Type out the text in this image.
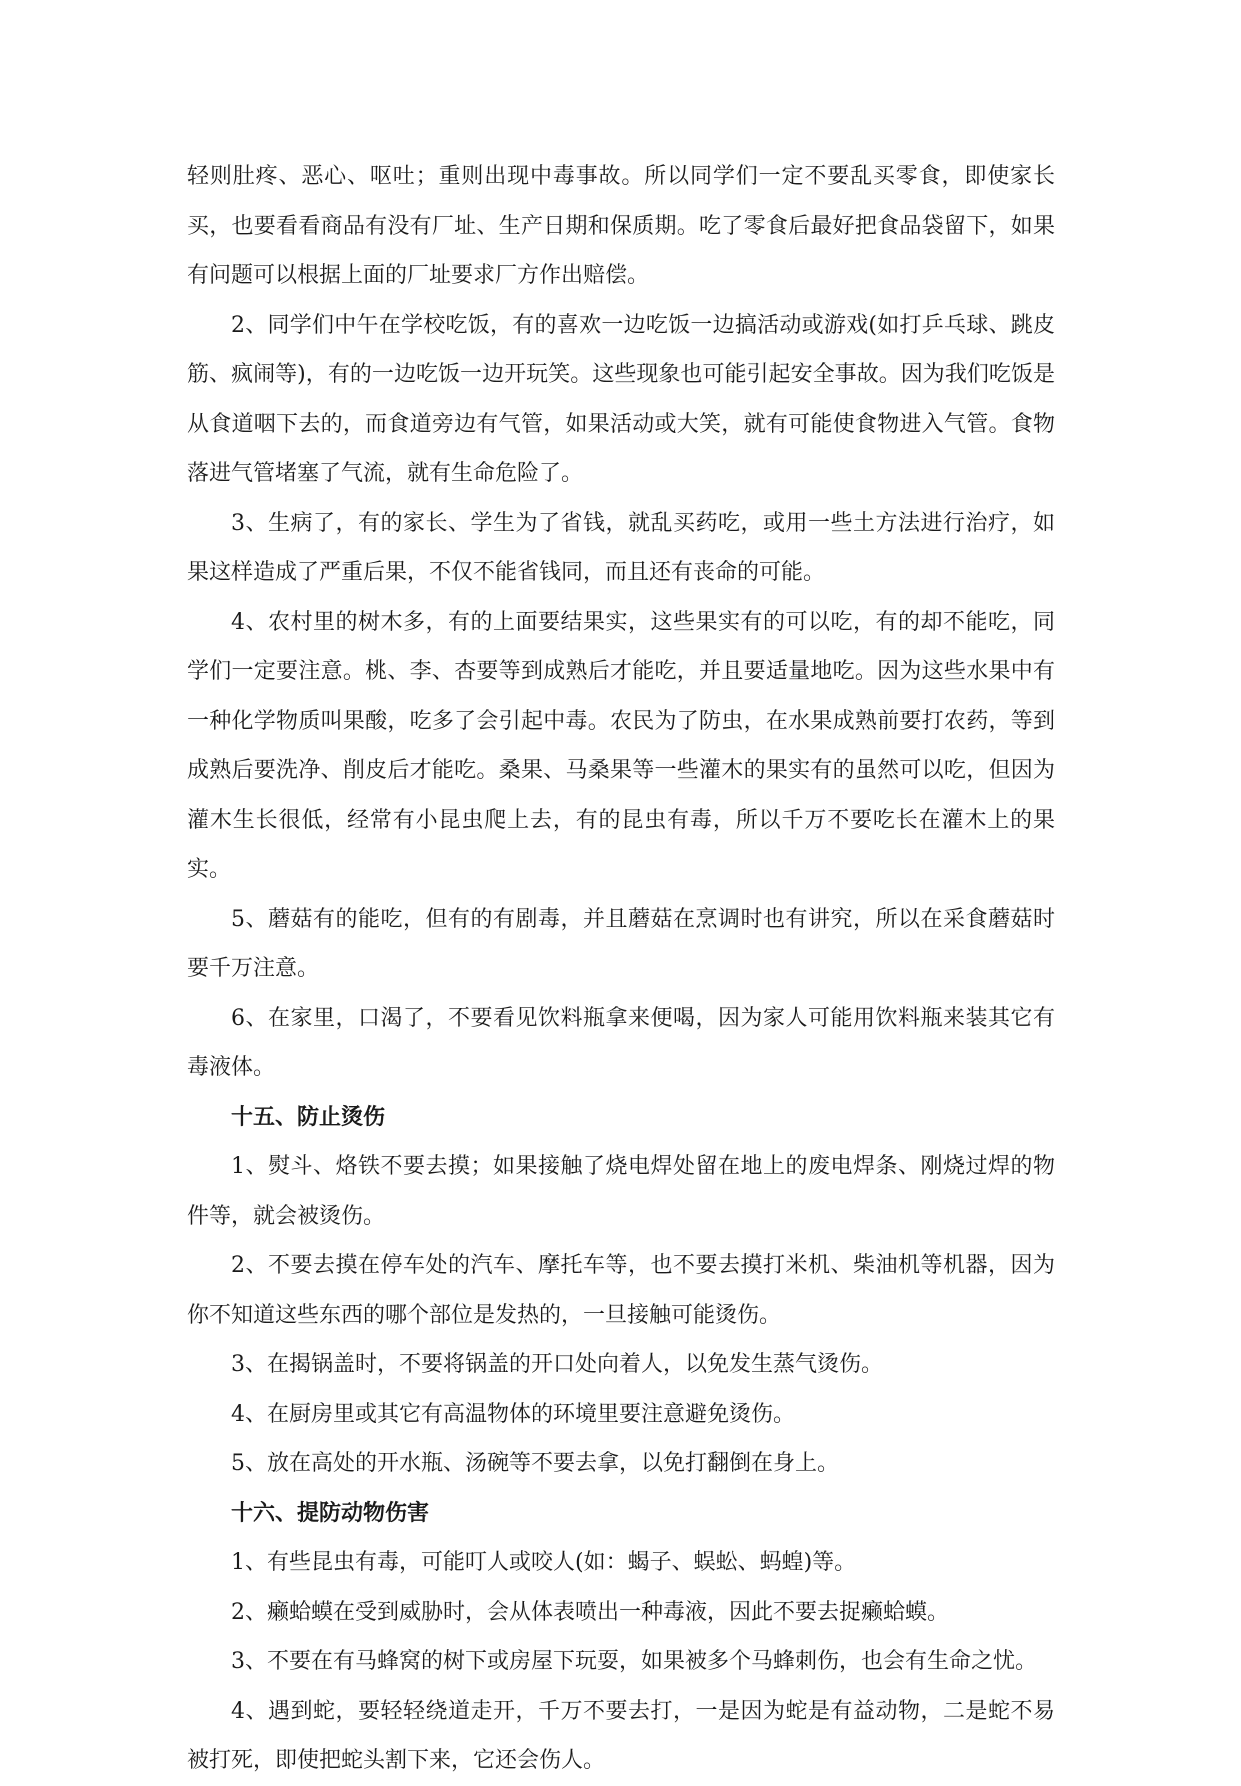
轻则肚疼、恶心、呕吐；重则出现中毒事故。所以同学们一定不要乱买零食，即使家长买，也要看看商品有没有厂址、生产日期和保质期。吃了零食后最好把食品袋留下，如果有问题可以根据上面的厂址要求厂方作出赔偿。

2、同学们中午在学校吃饭，有的喜欢一边吃饭一边搞活动或游戏(如打乒乓球、跳皮筋、疯闹等)，有的一边吃饭一边开玩笑。这些现象也可能引起安全事故。因为我们吃饭是从食道咽下去的，而食道旁边有气管，如果活动或大笑，就有可能使食物进入气管。食物落进气管堵塞了气流，就有生命危险了。

3、生病了，有的家长、学生为了省钱，就乱买药吃，或用一些土方法进行治疗，如果这样造成了严重后果，不仅不能省钱同，而且还有丧命的可能。

4、农村里的树木多，有的上面要结果实，这些果实有的可以吃，有的却不能吃，同学们一定要注意。桃、李、杏要等到成熟后才能吃，并且要适量地吃。因为这些水果中有一种化学物质叫果酸，吃多了会引起中毒。农民为了防虫，在水果成熟前要打农药，等到成熟后要洗净、削皮后才能吃。桑果、马桑果等一些灌木的果实有的虽然可以吃，但因为灌木生长很低，经常有小昆虫爬上去，有的昆虫有毒，所以千万不要吃长在灌木上的果实。

5、蘑菇有的能吃，但有的有剧毒，并且蘑菇在烹调时也有讲究，所以在采食蘑菇时要千万注意。

6、在家里，口渴了，不要看见饮料瓶拿来便喝，因为家人可能用饮料瓶来装其它有毒液体。

十五、防止烫伤

1、熨斗、烙铁不要去摸；如果接触了烧电焊处留在地上的废电焊条、刚烧过焊的物件等，就会被烫伤。

2、不要去摸在停车处的汽车、摩托车等，也不要去摸打米机、柴油机等机器，因为你不知道这些东西的哪个部位是发热的，一旦接触可能烫伤。

3、在揭锅盖时，不要将锅盖的开口处向着人，以免发生蒸气烫伤。

4、在厨房里或其它有高温物体的环境里要注意避免烫伤。

5、放在高处的开水瓶、汤碗等不要去拿，以免打翻倒在身上。

十六、提防动物伤害

1、有些昆虫有毒，可能叮人或咬人(如：蝎子、蜈蚣、蚂蝗)等。

2、癞蛤蟆在受到威胁时，会从体表喷出一种毒液，因此不要去捉癞蛤蟆。

3、不要在有马蜂窝的树下或房屋下玩耍，如果被多个马蜂刺伤，也会有生命之忧。

4、遇到蛇，要轻轻绕道走开，千万不要去打，一是因为蛇是有益动物，二是蛇不易被打死，即使把蛇头割下来，它还会伤人。
